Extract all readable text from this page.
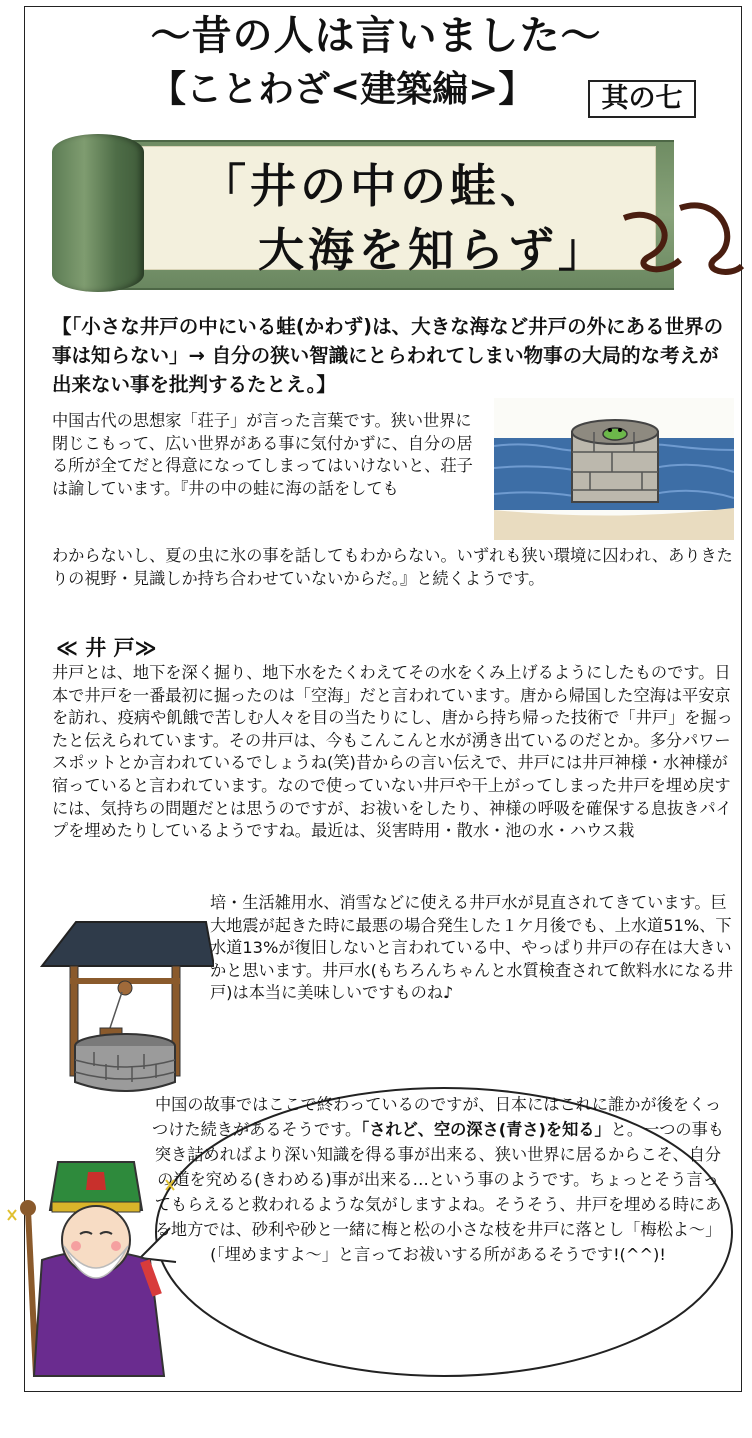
～昔の人は言いました～
【ことわざ<建築編>】	其の七
「井の中の蛙、
大海を知らず」
【「小さな井戸の中にいる蛙(かわず)は、大きな海など井戸の外にある世界の事は知らない」→ 自分の狭い智識にとらわれてしまい物事の大局的な考えが出来ない事を批判するたとえ。】
中国古代の思想家「荘子」が言った言葉です。狭い世界に閉じこもって、広い世界がある事に気付かずに、自分の居る所が全てだと得意になってしまってはいけないと、荘子は諭しています。『井の中の蛙に海の話をしても
わからないし、夏の虫に氷の事を話してもわからない。いずれも狭い環境に囚われ、ありきたりの視野・見識しか持ち合わせていないからだ。』と続くようです。
≪ 井 戸≫
井戸とは、地下を深く掘り、地下水をたくわえてその水をくみ上げるようにしたものです。日本で井戸を一番最初に掘ったのは「空海」だと言われています。唐から帰国した空海は平安京を訪れ、疫病や飢餓で苦しむ人々を目の当たりにし、唐から持ち帰った技術で「井戸」を掘ったと伝えられています。その井戸は、今もこんこんと水が湧き出ているのだとか。多分パワースポットとか言われているでしょうね(笑)昔からの言い伝えで、井戸には井戸神様・水神様が宿っていると言われています。なので使っていない井戸や干上がってしまった井戸を埋め戻すには、気持ちの問題だとは思うのですが、お祓いをしたり、神様の呼吸を確保する息抜きパイプを埋めたりしているようですね。最近は、災害時用・散水・池の水・ハウス栽
培・生活雑用水、消雪などに使える井戸水が見直されてきています。巨大地震が起きた時に最悪の場合発生した１ケ月後でも、上水道51%、下水道13%が復旧しないと言われている中、やっぱり井戸の存在は大きいかと思います。井戸水(もちろんちゃんと水質検査されて飲料水になる井戸)は本当に美味しいですものね♪
中国の故事ではここで終わっているのですが、日本にはこれに誰かが後をくっつけた続きがあるそうです。「されど、空の深さ(青さ)を知る」と。一つの事も突き詰めればより深い知識を得る事が出来る、狭い世界に居るからこそ、自分の道を究める(きわめる)事が出来る…という事のようです。ちょっとそう言ってもらえると救われるような気がしますよね。そうそう、井戸を埋める時にある地方では、砂利や砂と一緒に梅と松の小さな枝を井戸に落とし「梅松よ～」(「埋めますよ～」と言ってお祓いする所があるそうです!(^^)!
